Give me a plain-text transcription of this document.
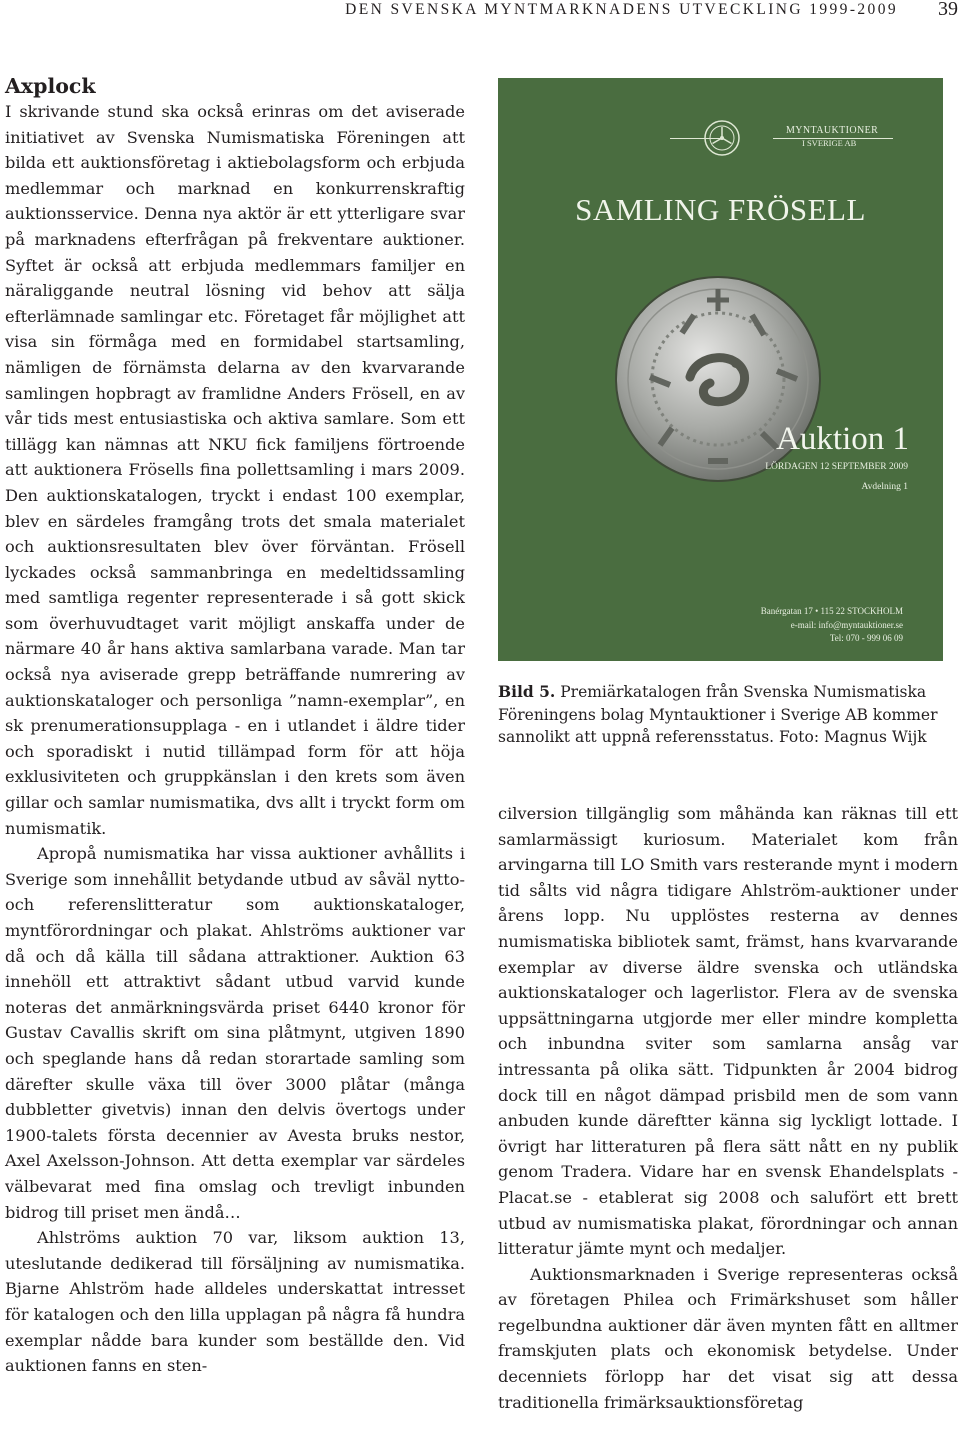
DEN SVENSKA MYNTMARKNADENS UTVECKLING 1999-2009 39
Axplock

I skrivande stund ska också erinras om det aviserade initiativet av Svenska Numismatiska Föreningen att bilda ett auktionsföretag i aktiebolagsform och erbjuda medlemmar och marknad en konkurrenskraftig auktionsservice. Denna nya aktör är ett ytterligare svar på marknadens efterfrågan på frekventare auktioner. Syftet är också att erbjuda medlemmars familjer en näraliggande neutral lösning vid behov att sälja efterlämnade samlingar etc. Företaget får möjlighet att visa sin förmåga med en formidabel startsamling, nämligen de förnämsta delarna av den kvarvarande samlingen hopbragt av framlidne Anders Frösell, en av vår tids mest entusiastiska och aktiva samlare. Som ett tillägg kan nämnas att NKU fick familjens förtroende att auktionera Frösells fina pollettsamling i mars 2009. Den auktionskatalogen, tryckt i endast 100 exemplar, blev en särdeles framgång trots det smala materialet och auktionsresultaten blev över förväntan. Frösell lyckades också sammanbringa en medeltidssamling med samtliga regenter representerade i så gott skick som överhuvudtaget varit möjligt anskaffa under de närmare 40 år hans aktiva samlarbana varade. Man tar också nya aviserade grepp beträffande numrering av auktionskataloger och personliga ”namn-exemplar”, en sk prenumerationsupplaga - en i utlandet i äldre tider och sporadiskt i nutid tillämpad form för att höja exklusiviteten och gruppkänslan i den krets som även gillar och samlar numismatika, dvs allt i tryckt form om numismatik.

Apropå numismatika har vissa auktioner avhållits i Sverige som innehållit betydande utbud av såväl nytto- och referenslitteratur som auktionskataloger, myntförordningar och plakat. Ahlströms auktioner var då och då källa till sådana attraktioner. Auktion 63 innehöll ett attraktivt sådant utbud varvid kunde noteras det anmärkningsvärda priset 6440 kronor för Gustav Cavallis skrift om sina plåtmynt, utgiven 1890 och speglande hans då redan storartade samling som därefter skulle växa till över 3000 plåtar (många dubbletter givetvis) innan den delvis övertogs under 1900-talets första decennier av Avesta bruks nestor, Axel Axelsson-Johnson. Att detta exemplar var särdeles välbevarat med fina omslag och trevligt inbunden bidrog till priset men ändå…

Ahlströms auktion 70 var, liksom auktion 13, uteslutande dedikerad till försäljning av numismatika. Bjarne Ahlström hade alldeles underskattat intresset för katalogen och den lilla upplagan på några få hundra exemplar nådde bara kunder som beställde den. Vid auktionen fanns en sten-

MYNTAUKTIONER
I SVERIGE AB
SAMLING FRÖSELL
Auktion 1
LÖRDAGEN 12 SEPTEMBER 2009
Avdelning 1
Banérgatan 17 • 115 22 STOCKHOLM
e-mail: info@myntauktioner.se
Tel: 070 - 999 06 09

Bild 5. Premiärkatalogen från Svenska Numismatiska Föreningens bolag Myntauktioner i Sverige AB kommer sannolikt att uppnå referensstatus. Foto: Magnus Wijk

cilversion tillgänglig som måhända kan räknas till ett samlarmässigt kuriosum. Materialet kom från arvingarna till LO Smith vars resterande mynt i modern tid sålts vid några tidigare Ahlström-auktioner under årens lopp. Nu upplöstes resterna av dennes numismatiska bibliotek samt, främst, hans kvarvarande exemplar av diverse äldre svenska och utländska auktionskataloger och lagerlistor. Flera av de svenska uppsättningarna utgjorde mer eller mindre kompletta och inbundna sviter som samlarna ansåg var intressanta på olika sätt. Tidpunkten år 2004 bidrog dock till en något dämpad prisbild men de som vann anbuden kunde däreftter känna sig lyckligt lottade. I övrigt har litteraturen på flera sätt nått en ny publik genom Tradera. Vidare har en svensk Ehandelsplats - Placat.se - etablerat sig 2008 och salufört ett brett utbud av numismatiska plakat, förordningar och annan litteratur jämte mynt och medaljer.

Auktionsmarknaden i Sverige representeras också av företagen Philea och Frimärkshuset som håller regelbundna auktioner där även mynten fått en alltmer framskjuten plats och ekonomisk betydelse. Under decenniets förlopp har det visat sig att dessa traditionella frimärksauktionsföretag
